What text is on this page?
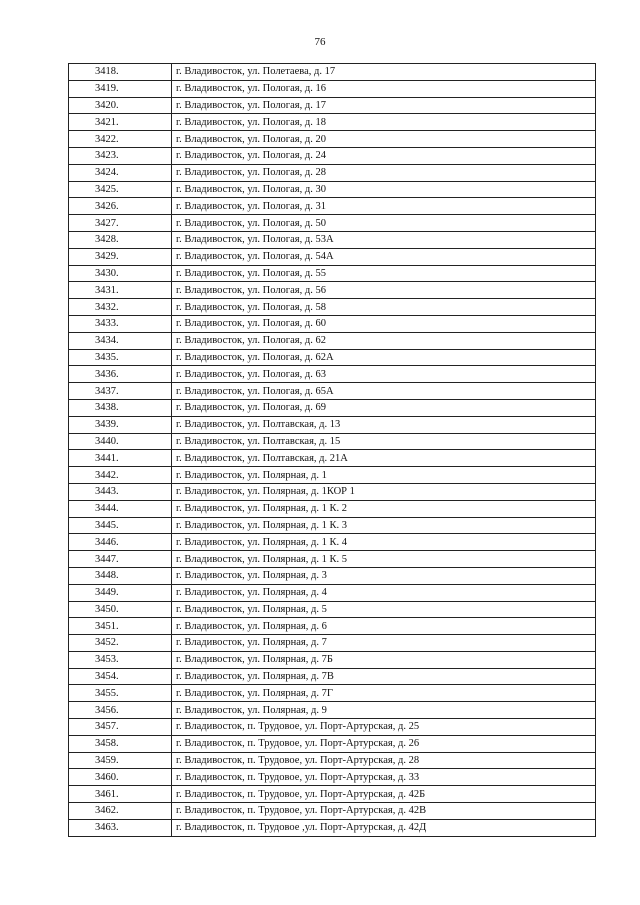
76
3418.	г. Владивосток, ул. Полетаева, д. 17
3419.	г. Владивосток, ул. Пологая, д. 16
3420.	г. Владивосток, ул. Пологая, д. 17
3421.	г. Владивосток, ул. Пологая, д. 18
3422.	г. Владивосток, ул. Пологая, д. 20
3423.	г. Владивосток, ул. Пологая, д. 24
3424.	г. Владивосток, ул. Пологая, д. 28
3425.	г. Владивосток, ул. Пологая, д. 30
3426.	г. Владивосток, ул. Пологая, д. 31
3427.	г. Владивосток, ул. Пологая, д. 50
3428.	г. Владивосток, ул. Пологая, д. 53А
3429.	г. Владивосток, ул. Пологая, д. 54А
3430.	г. Владивосток, ул. Пологая, д. 55
3431.	г. Владивосток, ул. Пологая, д. 56
3432.	г. Владивосток, ул. Пологая, д. 58
3433.	г. Владивосток, ул. Пологая, д. 60
3434.	г. Владивосток, ул. Пологая, д. 62
3435.	г. Владивосток, ул. Пологая, д. 62А
3436.	г. Владивосток, ул. Пологая, д. 63
3437.	г. Владивосток, ул. Пологая, д. 65А
3438.	г. Владивосток, ул. Пологая, д. 69
3439.	г. Владивосток, ул. Полтавская, д. 13
3440.	г. Владивосток, ул. Полтавская, д. 15
3441.	г. Владивосток, ул. Полтавская, д. 21А
3442.	г. Владивосток, ул. Полярная, д. 1
3443.	г. Владивосток, ул. Полярная, д. 1КОР 1
3444.	г. Владивосток, ул. Полярная, д. 1 К. 2
3445.	г. Владивосток, ул. Полярная, д. 1 К. 3
3446.	г. Владивосток, ул. Полярная, д. 1 К. 4
3447.	г. Владивосток, ул. Полярная, д. 1 К. 5
3448.	г. Владивосток, ул. Полярная, д. 3
3449.	г. Владивосток, ул. Полярная, д. 4
3450.	г. Владивосток, ул. Полярная, д. 5
3451.	г. Владивосток, ул. Полярная, д. 6
3452.	г. Владивосток, ул. Полярная, д. 7
3453.	г. Владивосток, ул. Полярная, д. 7Б
3454.	г. Владивосток, ул. Полярная, д. 7В
3455.	г. Владивосток, ул. Полярная, д. 7Г
3456.	г. Владивосток, ул. Полярная, д. 9
3457.	г. Владивосток, п. Трудовое, ул. Порт-Артурская, д. 25
3458.	г. Владивосток, п. Трудовое, ул. Порт-Артурская, д. 26
3459.	г. Владивосток, п. Трудовое, ул. Порт-Артурская, д. 28
3460.	г. Владивосток, п. Трудовое, ул. Порт-Артурская, д. 33
3461.	г. Владивосток, п. Трудовое, ул. Порт-Артурская, д. 42Б
3462.	г. Владивосток, п. Трудовое, ул. Порт-Артурская, д. 42В
3463.	г. Владивосток, п. Трудовое ,ул. Порт-Артурская, д. 42Д
